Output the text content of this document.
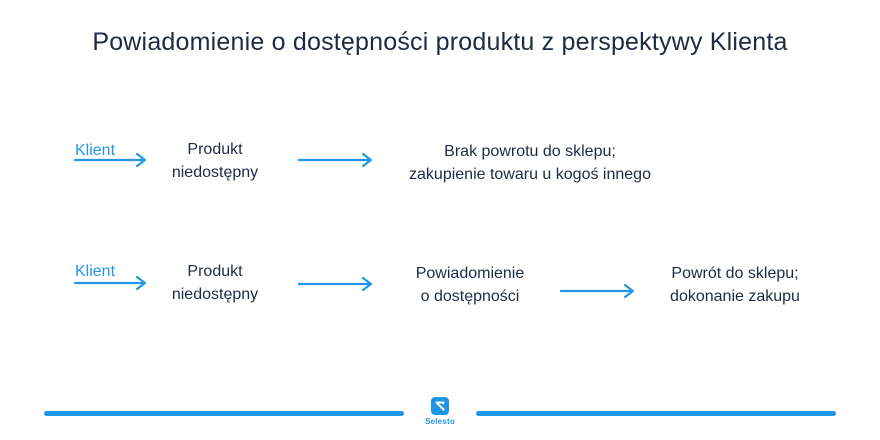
Powiadomienie o dostępności produktu z perspektywy Klienta
Klient	Produkt
niedostępny
Brak powrotu do sklepu;
zakupienie towaru u kogoś innego
Klient	Produkt
niedostępny
Powiadomienie
o dostępności
Powrót do sklepu;
dokonanie zakupu
Selesto
